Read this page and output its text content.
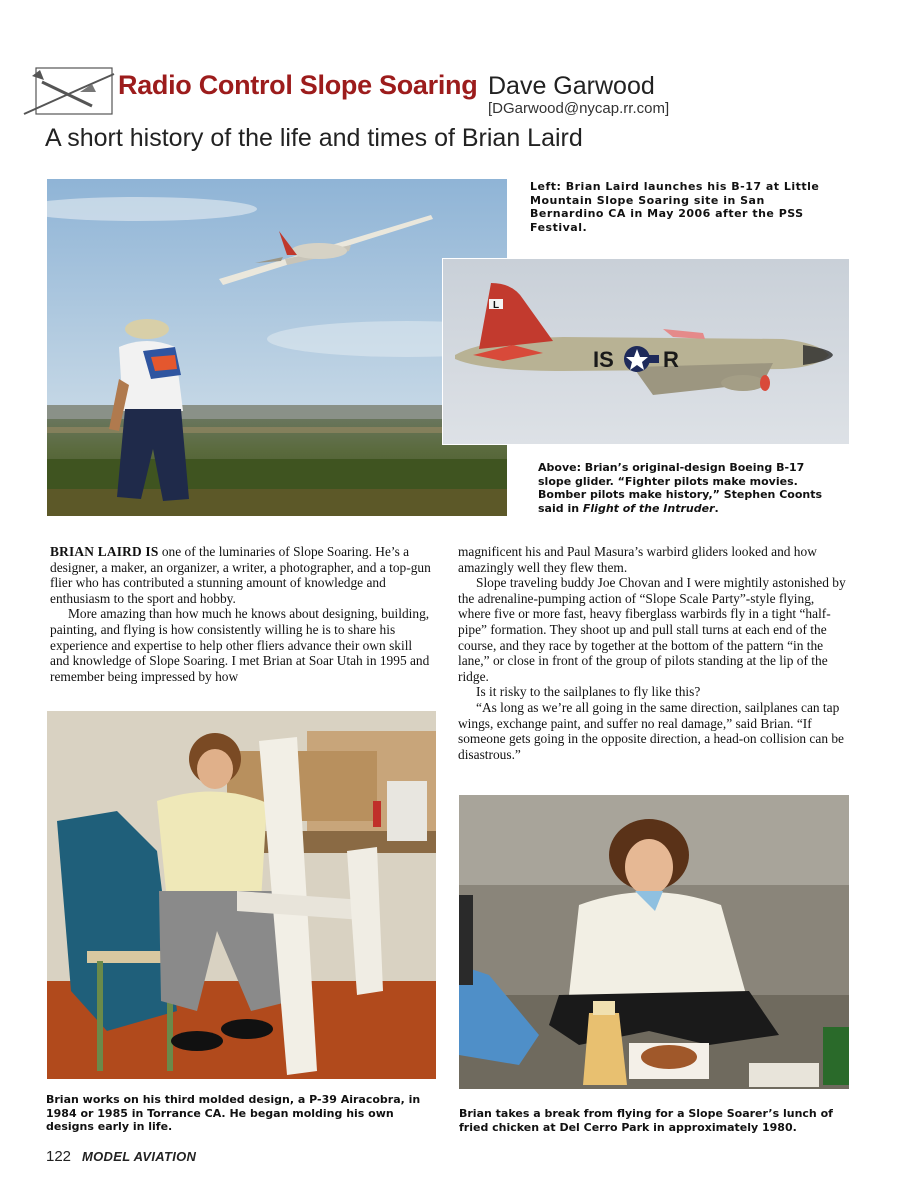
Radio Control Slope Soaring Dave Garwood
[DGarwood@nycap.rr.com]
A short history of the life and times of Brian Laird
L
IS R
Left: Brian Laird launches his B-17 at Little Mountain Slope Soaring site in San Bernardino CA in May 2006 after the PSS Festival.
Above: Brian’s original-design Boeing B-17 slope glider. “Fighter pilots make movies. Bomber pilots make history,” Stephen Coonts said in Flight of the Intruder.

BRIAN LAIRD IS one of the luminaries of Slope Soaring. He’s a designer, a maker, an organizer, a writer, a photographer, and a top-gun flier who has contributed a stunning amount of knowledge and enthusiasm to the sport and hobby.

More amazing than how much he knows about designing, building, painting, and flying is how consistently willing he is to share his experience and expertise to help other fliers advance their own skill and knowledge of Slope Soaring. I met Brian at Soar Utah in 1995 and remember being impressed by how

magnificent his and Paul Masura’s warbird gliders looked and how amazingly well they flew them.

Slope traveling buddy Joe Chovan and I were mightily astonished by the adrenaline-pumping action of “Slope Scale Party”-style flying, where five or more fast, heavy fiberglass warbirds fly in a tight “half-pipe” formation. They shoot up and pull stall turns at each end of the course, and they race by together at the bottom of the pattern “in the lane,” or close in front of the group of pilots standing at the lip of the ridge.

Is it risky to the sailplanes to fly like this?

“As long as we’re all going in the same direction, sailplanes can tap wings, exchange paint, and suffer no real damage,” said Brian. “If someone gets going in the opposite direction, a head-on collision can be disastrous.”

Brian works on his third molded design, a P-39 Airacobra, in 1984 or 1985 in Torrance CA. He began molding his own designs early in life.
Brian takes a break from flying for a Slope Soarer’s lunch of fried chicken at Del Cerro Park in approximately 1980.
122 MODEL AVIATION
